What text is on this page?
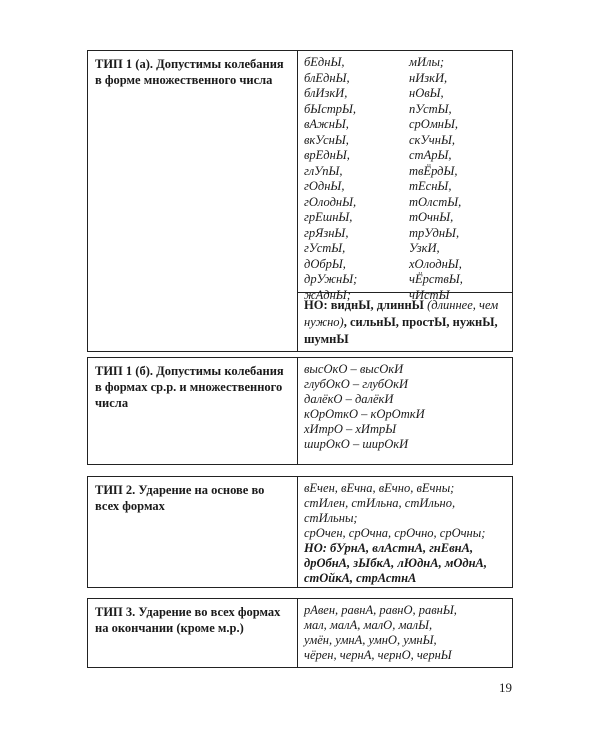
ТИП 1 (а). Допустимы колебания
в форме множественного числа
бЕднЫ,
блЕднЫ,
блИзкИ,
бЫстрЫ,
вАжнЫ,
вкУснЫ,
врЕднЫ,
глУпЫ,
гОднЫ,
гОлоднЫ,
грЕшнЫ,
грЯзнЫ,
гУстЫ,
дОбрЫ,
дрУжнЫ;
жАднЫ;
мИлы;
нИзкИ,
нОвЫ,
пУстЫ,
срОмнЫ,
скУчнЫ,
стАрЫ,
твЁрдЫ,
тЕснЫ,
тОлстЫ,
тОчнЫ,
трУднЫ,
УзкИ,
хОлоднЫ,
чЁрствЫ,
чИстЫ
НО: виднЫ, длиннЫ (длиннее, чем
нужно), сильнЫ, простЫ, нужнЫ,
шумнЫ
ТИП 1 (б). Допустимы колебания
в формах ср.р. и множественного
числа
высОкО – высОкИ
глубОкО – глубОкИ
далёкО – далёкИ
кОрОткО – кОрОткИ
хИтрО – хИтрЫ
ширОкО – ширОкИ
ТИП 2. Ударение на основе во
всех формах
вЕчен, вЕчна, вЕчно, вЕчны;
стИлен, стИльна, стИльно,
стИльны;
срОчен, срОчна, срОчно, срОчны;
НО: бУрнА, влАстнА, гнЕвнА,
дрОбнА, зЫбкА, лЮднА, мОднА,
стОйкА, стрАстнА
ТИП 3. Ударение во всех формах
на окончании (кроме м.р.)
рАвен, равнА, равнО, равнЫ,
мал, малА, малО, малЫ,
умён, умнА, умнО, умнЫ,
чёрен, чернА, чернО, чернЫ
19
